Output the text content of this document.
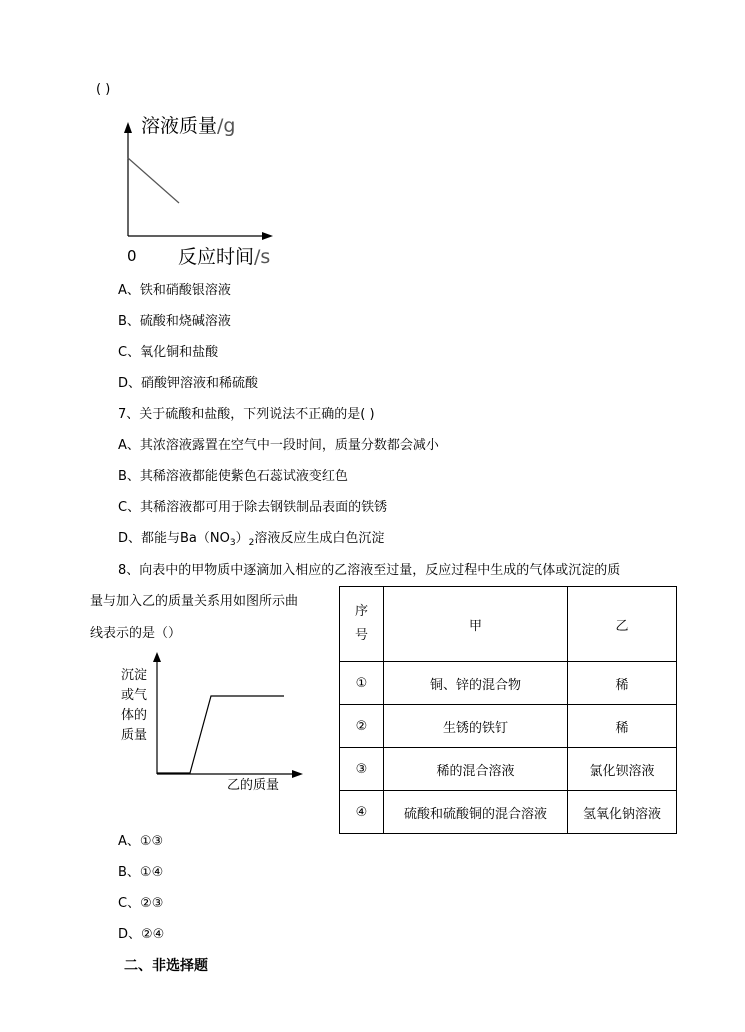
( )
溶液质量/g
0 反应时间/s
A、铁和硝酸银溶液
B、硫酸和烧碱溶液
C、氧化铜和盐酸
D、硝酸钾溶液和稀硫酸
7、关于硫酸和盐酸，下列说法不正确的是( )
A、其浓溶液露置在空气中一段时间，质量分数都会减小
B、其稀溶液都能使紫色石蕊试液变红色
C、其稀溶液都可用于除去钢铁制品表面的铁锈
D、都能与$Ba(NO_3)_2$溶液反应生成白色沉淀
8、向表中的甲物质中逐滴加入相应的乙溶液至过量，反应过程中生成的气体或沉淀的质
量与加入乙的质量关系用如图所示曲
线表示的是（）
沉淀
或气
体的
质量
乙的质量
序
号	甲	乙
①	铜、锌的混合物	稀
②	生锈的铁钉	稀
③	稀的混合溶液	氯化钡溶液
④	硫酸和硫酸铜的混合溶液	氢氧化钠溶液
A、①③
B、①④
C、②③
D、②④
二、非选择题
